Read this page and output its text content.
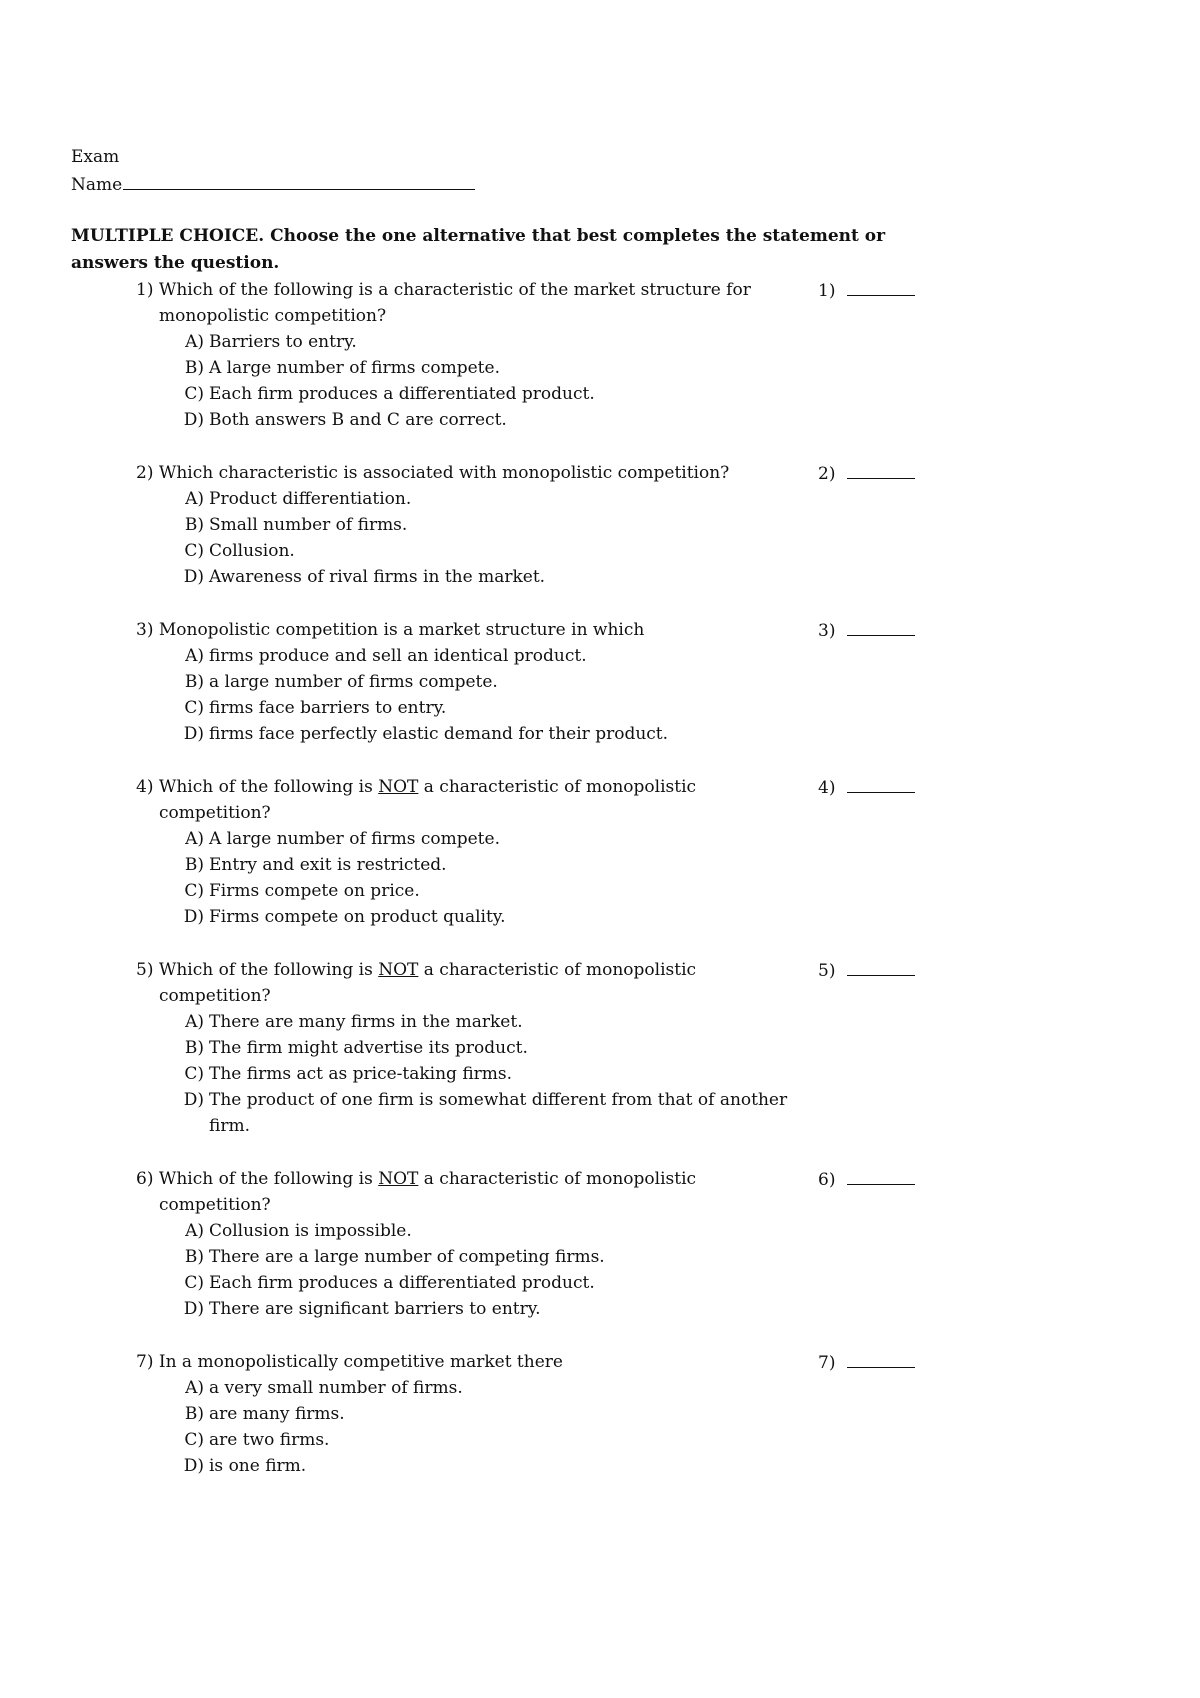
Exam
Name
MULTIPLE CHOICE. Choose the one alternative that best completes the statement or answers the question.
1) Which of the following is a characteristic of the market structure for monopolistic competition?
1)
A) Barriers to entry.
B) A large number of firms compete.
C) Each firm produces a differentiated product.
D) Both answers B and C are correct.
2) Which characteristic is associated with monopolistic competition?	2)
A) Product differentiation.
B) Small number of firms.
C) Collusion.
D) Awareness of rival firms in the market.
3) Monopolistic competition is a market structure in which	3)
A) firms produce and sell an identical product.
B) a large number of firms compete.
C) firms face barriers to entry.
D) firms face perfectly elastic demand for their product.
4) Which of the following is NOT a characteristic of monopolistic competition?
4)
A) A large number of firms compete.
B) Entry and exit is restricted.
C) Firms compete on price.
D) Firms compete on product quality.
5) Which of the following is NOT a characteristic of monopolistic competition?
5)
A) There are many firms in the market.
B) The firm might advertise its product.
C) The firms act as price-taking firms.
D) The product of one firm is somewhat different from that of another firm.
6) Which of the following is NOT a characteristic of monopolistic competition?
6)
A) Collusion is impossible.
B) There are a large number of competing firms.
C) Each firm produces a differentiated product.
D) There are significant barriers to entry.
7) In a monopolistically competitive market there	7)
A) a very small number of firms.
B) are many firms.
C) are two firms.
D) is one firm.
